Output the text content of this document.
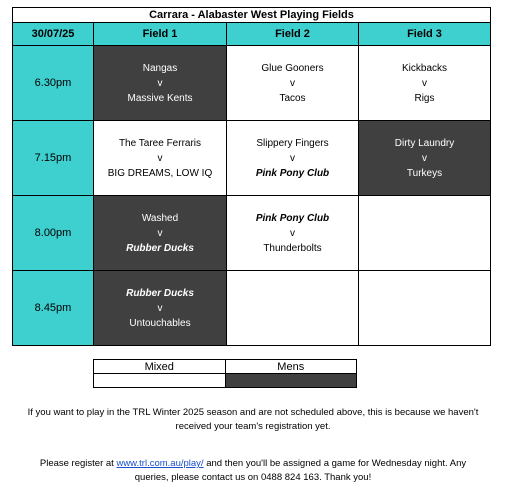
Carrara - Alabaster West Playing Fields			
30/07/25	Field 1	Field 2	Field 3
6.30pm	Nangas
v
Massive Kents	Glue Gooners
v
Tacos	Kickbacks
v
Rigs

7.15pm	The Taree Ferraris
v
BIG DREAMS, LOW IQ	Slippery Fingers
v
Pink Pony Club	Dirty Laundry
v
Turkeys

8.00pm	Washed
v
Rubber Ducks	Pink Pony Club
v
Thunderbolts	

8.45pm	Rubber Ducks
v
Untouchables		

Mixed	Mens

If you want to play in the TRL Winter 2025 season and are not scheduled above, this is because we haven't
received your team's registration yet.
Please register at www.trl.com.au/play/ and then you'll be assigned a game for Wednesday night. Any
queries, please contact us on 0488 824 163. Thank you!
